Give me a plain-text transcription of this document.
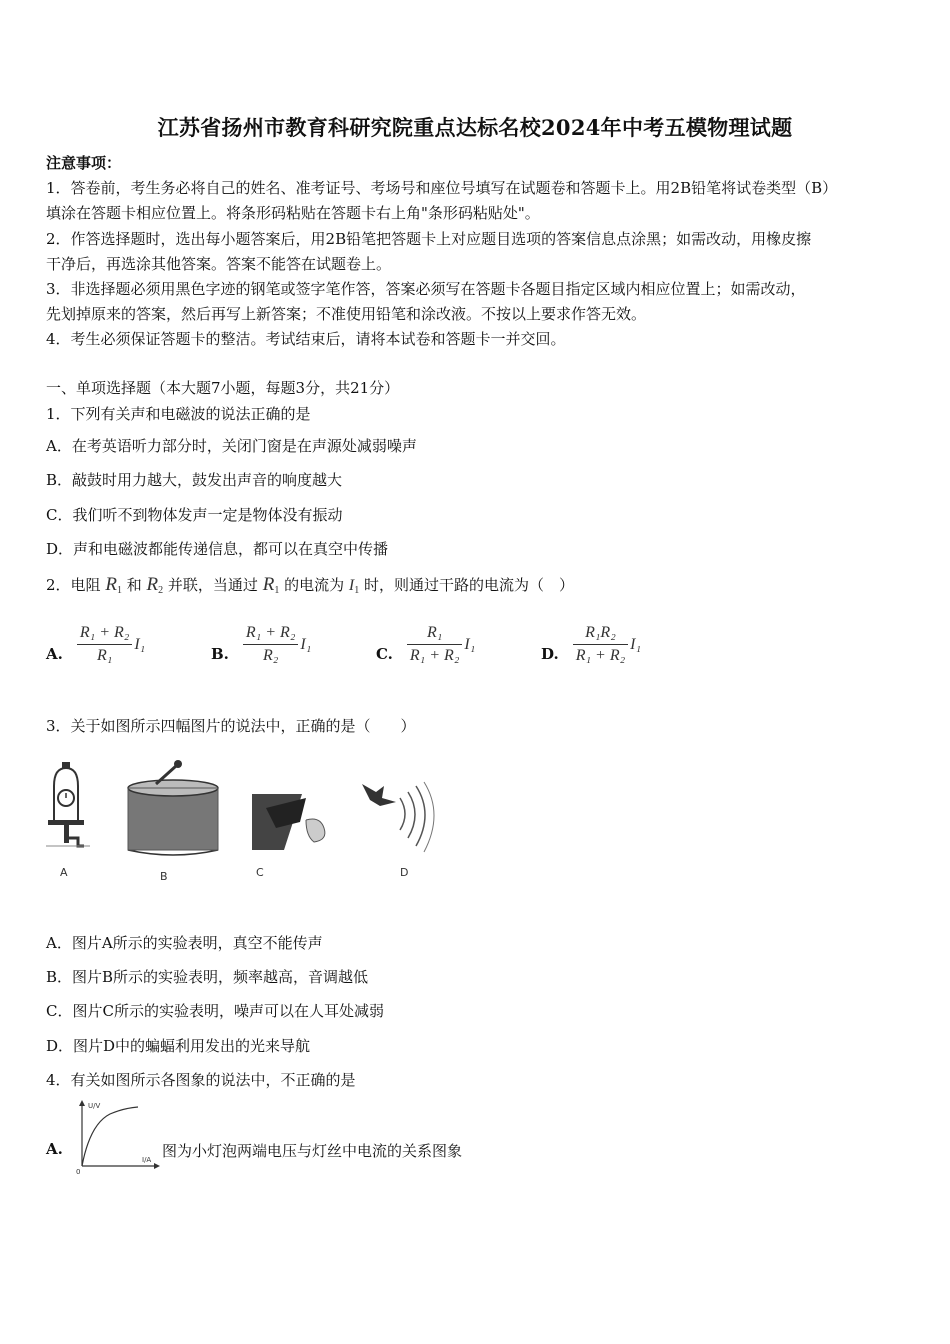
江苏省扬州市教育科研究院重点达标名校2024年中考五模物理试题
注意事项：
1．答卷前，考生务必将自己的姓名、准考证号、考场号和座位号填写在试题卷和答题卡上。用2B铅笔将试卷类型（B）
填涂在答题卡相应位置上。将条形码粘贴在答题卡右上角"条形码粘贴处"。
2．作答选择题时，选出每小题答案后，用2B铅笔把答题卡上对应题目选项的答案信息点涂黑；如需改动，用橡皮擦
干净后，再选涂其他答案。答案不能答在试题卷上。
3．非选择题必须用黑色字迹的钢笔或签字笔作答，答案必须写在答题卡各题目指定区域内相应位置上；如需改动，
先划掉原来的答案，然后再写上新答案；不准使用铅笔和涂改液。不按以上要求作答无效。
4．考生必须保证答题卡的整洁。考试结束后，请将本试卷和答题卡一并交回。
一、单项选择题（本大题7小题，每题3分，共21分）
1．下列有关声和电磁波的说法正确的是
A．在考英语听力部分时，关闭门窗是在声源处减弱噪声
B．敲鼓时用力越大，鼓发出声音的响度越大
C．我们听不到物体发声一定是物体没有振动
D．声和电磁波都能传递信息，都可以在真空中传播
2．电阻 $R_1$ 和 $R_2$ 并联，当通过 $R_1$ 的电流为 $I_1$ 时，则通过干路的电流为（　）
A. $\frac{\text{R₁ + R₂}}{\text{R₁}} I_1$
B. $\frac{\text{R₁ + R₂}}{\text{R₂}} I_1$
C. $\frac{\text{R₁}}{\text{R₁ + R₂}} I_1$
D. $\frac{\text{R₁R₂}}{\text{R₁ + R₂}} I_1$
3．关于如图所示四幅图片的说法中，正确的是（　　）
A	B	C	D
A．图片A所示的实验表明，真空不能传声
B．图片B所示的实验表明，频率越高，音调越低
C．图片C所示的实验表明，噪声可以在人耳处减弱
D．图片D中的蝙蝠利用发出的光来导航
4．有关如图所示各图象的说法中，不正确的是
A.
U/V
I/A
0
图为小灯泡两端电压与灯丝中电流的关系图象
